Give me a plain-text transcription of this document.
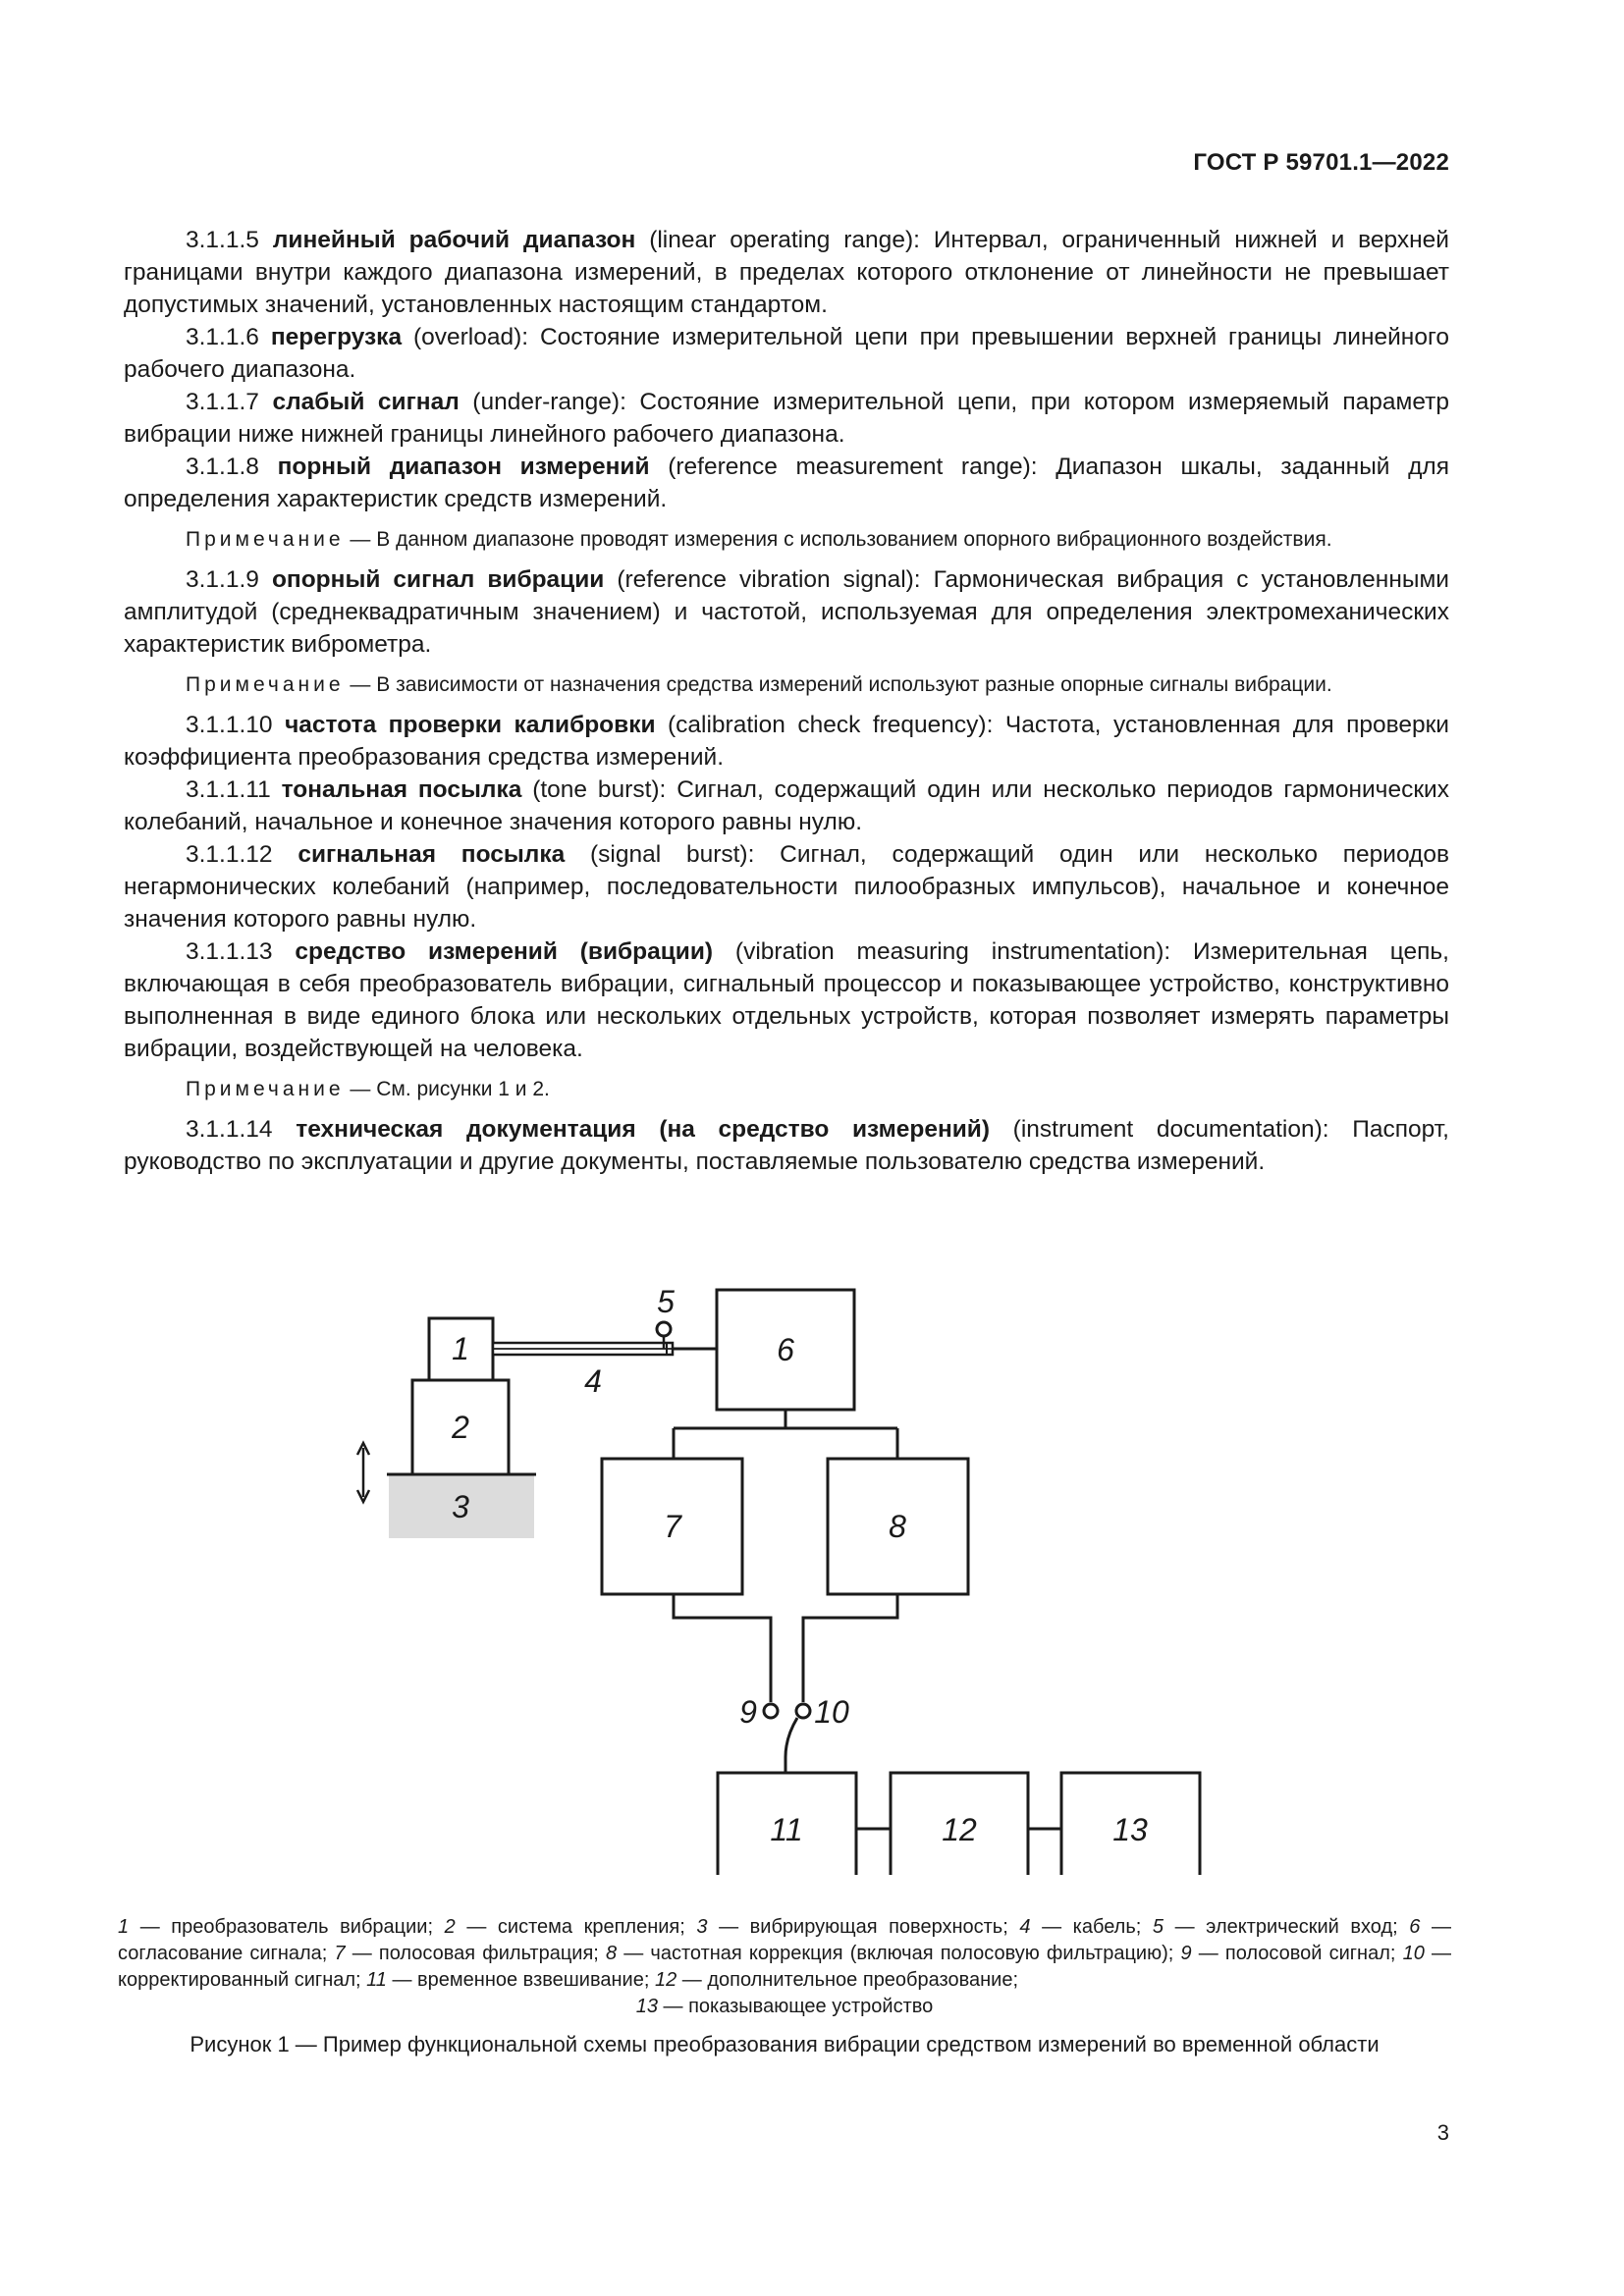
ГОСТ Р 59701.1—2022

3.1.1.5 линейный рабочий диапазон (linear operating range): Интервал, ограниченный нижней и верхней границами внутри каждого диапазона измерений, в пределах которого отклонение от линейности не превышает допустимых значений, установленных настоящим стандартом.

3.1.1.6 перегрузка (overload): Состояние измерительной цепи при превышении верхней границы линейного рабочего диапазона.

3.1.1.7 слабый сигнал (under-range): Состояние измерительной цепи, при котором измеряемый параметр вибрации ниже нижней границы линейного рабочего диапазона.

3.1.1.8 порный диапазон измерений (reference measurement range): Диапазон шкалы, заданный для определения характеристик средств измерений.

Примечание — В данном диапазоне проводят измерения с использованием опорного вибрационного воздействия.

3.1.1.9 опорный сигнал вибрации (reference vibration signal): Гармоническая вибрация с установленными амплитудой (среднеквадратичным значением) и частотой, используемая для определения электромеханических характеристик виброметра.

Примечание — В зависимости от назначения средства измерений используют разные опорные сигналы вибрации.

3.1.1.10 частота проверки калибровки (calibration check frequency): Частота, установленная для проверки коэффициента преобразования средства измерений.

3.1.1.11 тональная посылка (tone burst): Сигнал, содержащий один или несколько периодов гармонических колебаний, начальное и конечное значения которого равны нулю.

3.1.1.12 сигнальная посылка (signal burst): Сигнал, содержащий один или несколько периодов негармонических колебаний (например, последовательности пилообразных импульсов), начальное и конечное значения которого равны нулю.

3.1.1.13 средство измерений (вибрации) (vibration measuring instrumentation): Измерительная цепь, включающая в себя преобразователь вибрации, сигнальный процессор и показывающее устройство, конструктивно выполненная в виде единого блока или нескольких отдельных устройств, которая позволяет измерять параметры вибрации, воздействующей на человека.

Примечание — См. рисунки 1 и 2.

3.1.1.14 техническая документация (на средство измерений) (instrument documentation): Паспорт, руководство по эксплуатации и другие документы, поставляемые пользователю средства измерений.

1
2
3
4
5
6
7	8
9 10
11	12	13
1 — преобразователь вибрации; 2 — система крепления; 3 — вибрирующая поверхность; 4 — кабель; 5 — электрический вход; 6 — согласование сигнала; 7 — полосовая фильтрация; 8 — частотная коррекция (включая полосовую фильтрацию); 9 — полосовой сигнал; 10 — корректированный сигнал; 11 — временное взвешивание; 12 — дополнительное преобразование;
13 — показывающее устройство
Рисунок 1 — Пример функциональной схемы преобразования вибрации средством измерений во временной области
3
